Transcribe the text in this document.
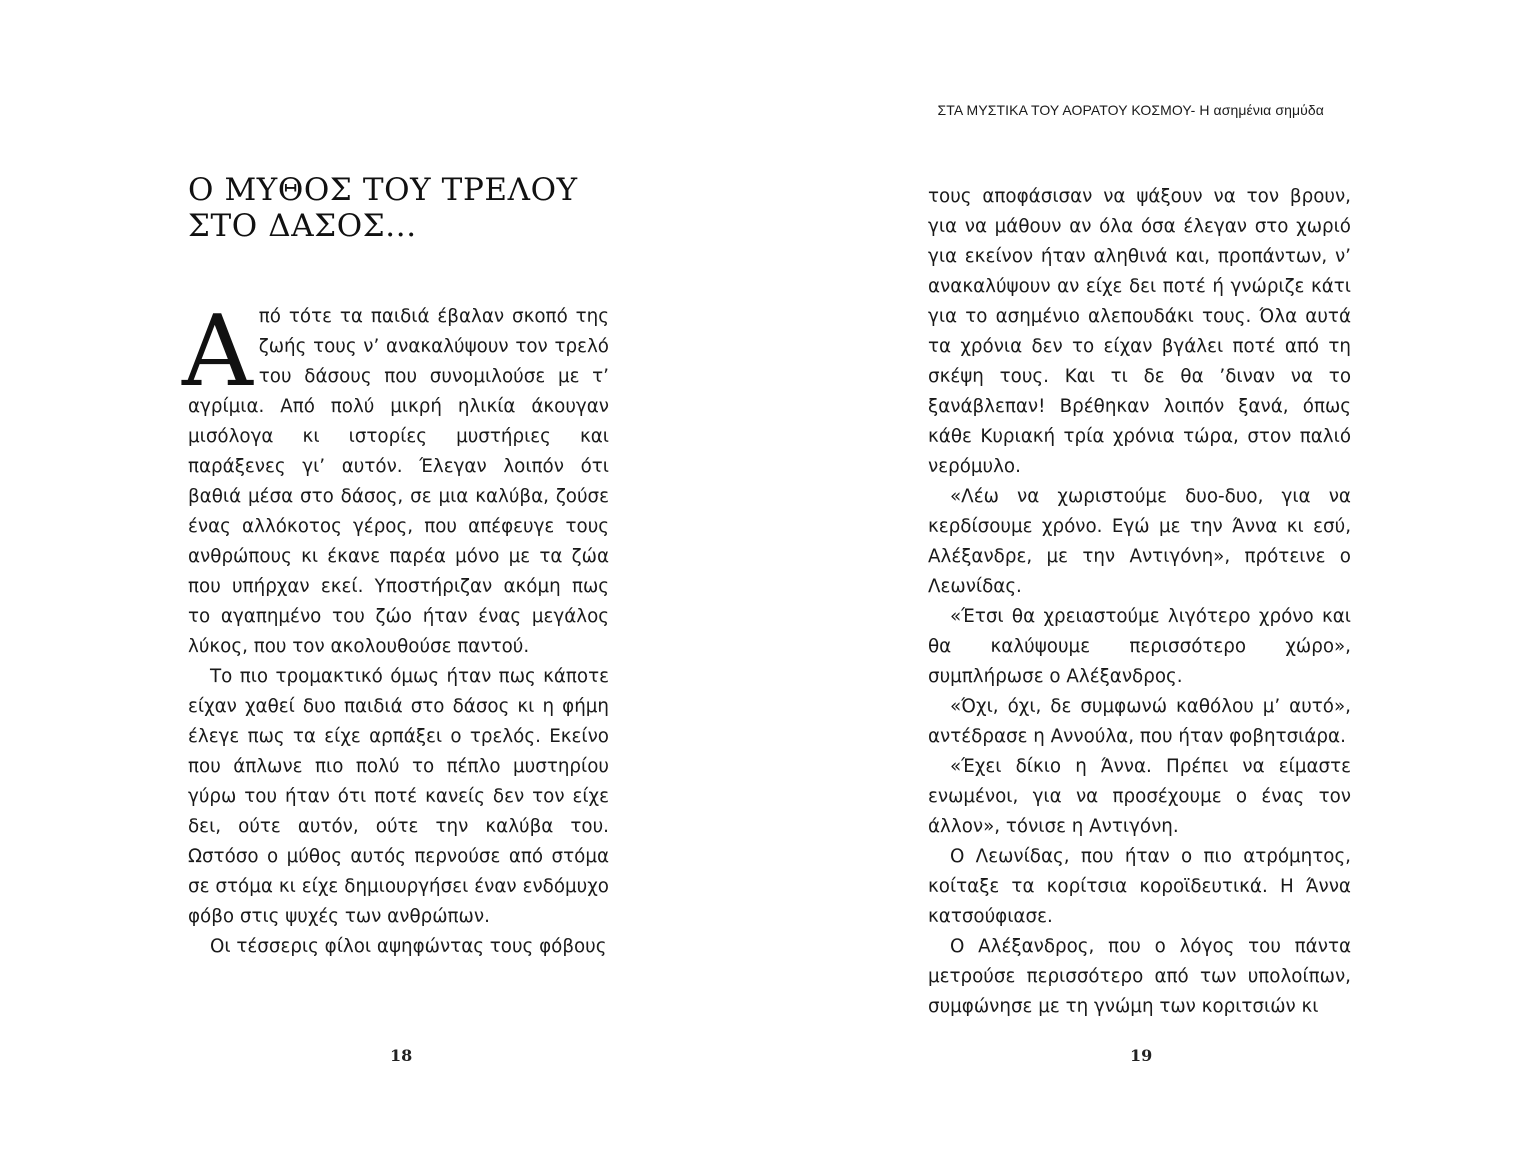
Ο ΜΥΘΟΣ ΤΟΥ ΤΡΕΛΟΥ
ΣΤΟ ΔΑΣΟΣ...

Από τότε τα παιδιά έβαλαν σκοπό της ζωής τους ν’ ανακαλύψουν τον τρελό του δάσους που συνομιλούσε με τ’ αγρίμια. Από πολύ μικρή ηλικία άκουγαν μισόλογα κι ιστορίες μυστήριες και παράξενες γι’ αυτόν. Έλεγαν λοιπόν ότι βαθιά μέσα στο δάσος, σε μια καλύβα, ζούσε ένας αλλόκοτος γέρος, που απέφευγε τους ανθρώπους κι έκανε παρέα μόνο με τα ζώα που υπήρχαν εκεί. Υποστήριζαν ακόμη πως το αγαπημένο του ζώο ήταν ένας μεγάλος λύκος, που τον ακολουθούσε παντού.

Το πιο τρομακτικό όμως ήταν πως κάποτε είχαν χαθεί δυο παιδιά στο δάσος κι η φήμη έλεγε πως τα είχε αρπάξει ο τρελός. Εκείνο που άπλωνε πιο πολύ το πέπλο μυστηρίου γύρω του ήταν ότι ποτέ κανείς δεν τον είχε δει, ούτε αυτόν, ούτε την καλύβα του. Ωστόσο ο μύθος αυτός περνούσε από στόμα σε στόμα κι είχε δημιουργήσει έναν ενδόμυχο φόβο στις ψυχές των ανθρώπων.

Οι τέσσερις φίλοι αψηφώντας τους φόβους

18
ΣΤΑ ΜΥΣΤΙΚΑ ΤΟΥ ΑΟΡΑΤΟΥ ΚΟΣΜΟΥ- Η ασημένια σημύδα
19

τους αποφάσισαν να ψάξουν να τον βρουν, για να μάθουν αν όλα όσα έλεγαν στο χωριό για εκείνον ήταν αληθινά και, προπάντων, ν’ ανακαλύψουν αν είχε δει ποτέ ή γνώριζε κάτι για το ασημένιο αλεπουδάκι τους. Όλα αυτά τα χρόνια δεν το είχαν βγάλει ποτέ από τη σκέψη τους. Και τι δε θα ’διναν να το ξανάβλεπαν! Βρέθηκαν λοιπόν ξανά, όπως κάθε Κυριακή τρία χρόνια τώρα, στον παλιό νερόμυλο.

«Λέω να χωριστούμε δυο-δυο, για να κερδίσουμε χρόνο. Εγώ με την Άννα κι εσύ, Αλέξανδρε, με την Αντιγόνη», πρότεινε ο Λεωνίδας.

«Έτσι θα χρειαστούμε λιγότερο χρόνο και θα καλύψουμε περισσότερο χώρο», συμπλήρωσε ο Αλέξανδρος.

«Όχι, όχι, δε συμφωνώ καθόλου μ’ αυτό», αντέδρασε η Αννούλα, που ήταν φοβητσιάρα.

«Έχει δίκιο η Άννα. Πρέπει να είμαστε ενωμένοι, για να προσέχουμε ο ένας τον άλλον», τόνισε η Αντιγόνη.

Ο Λεωνίδας, που ήταν ο πιο ατρόμητος, κοίταξε τα κορίτσια κοροϊδευτικά. Η Άννα κατσούφιασε.

Ο Αλέξανδρος, που ο λόγος του πάντα μετρούσε περισσότερο από των υπολοίπων, συμφώνησε με τη γνώμη των κοριτσιών κι
